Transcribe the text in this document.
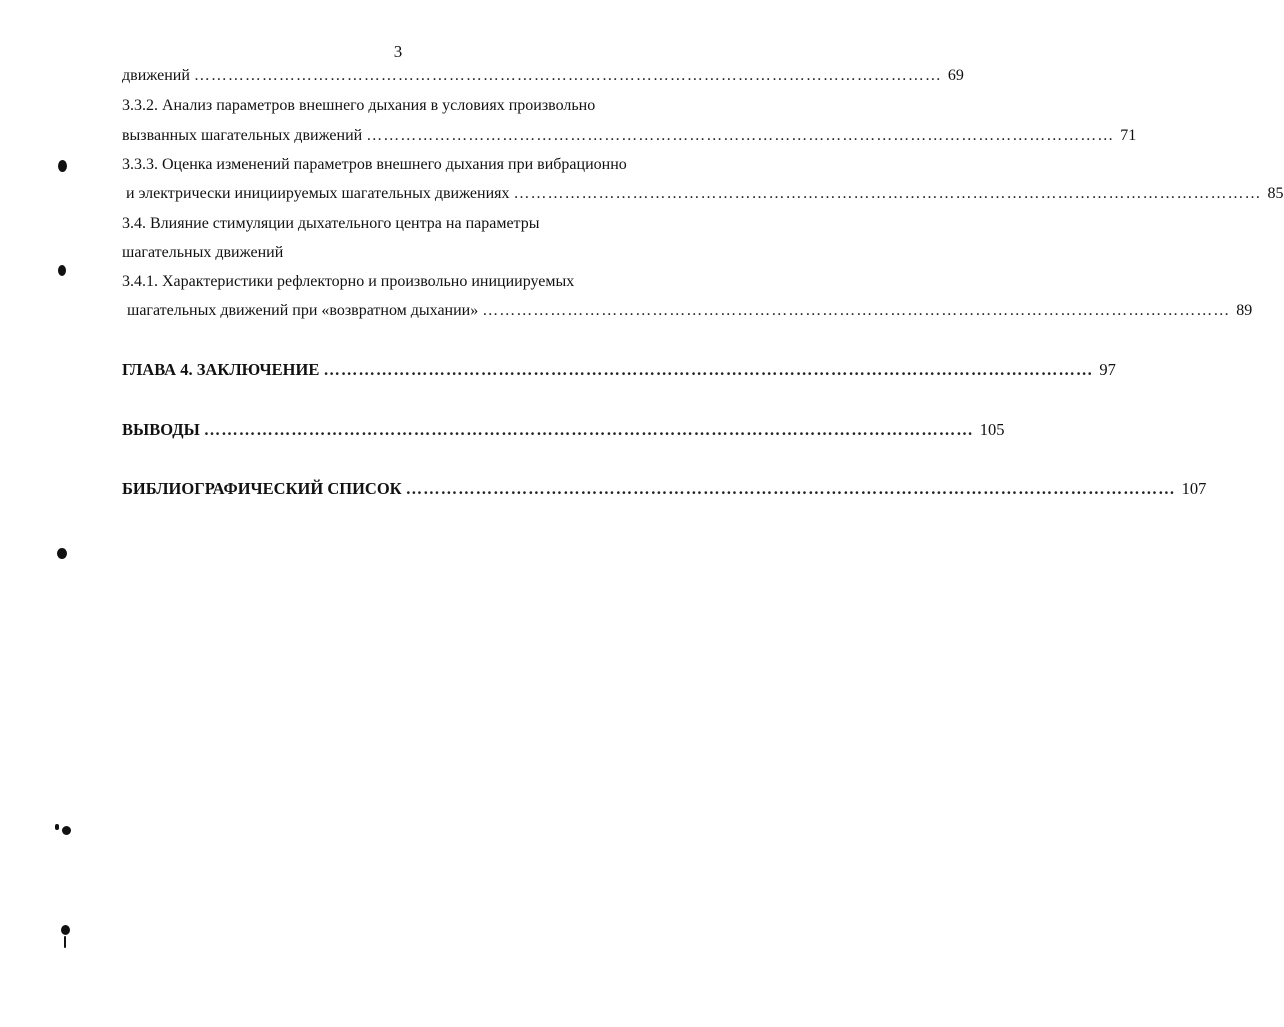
3
движений …………………………………………………………………………………………………………………… 69
3.3.2. Анализ параметров внешнего дыхания в условиях произвольно
вызванных шагательных движений …………………………………………………………………………………………………………………… 71
3.3.3. Оценка изменений параметров внешнего дыхания при вибрационно
и электрически инициируемых шагательных движениях …………………………………………………………………………………………………………………… 85
3.4. Влияние стимуляции дыхательного центра на параметры
шагательных движений
3.4.1. Характеристики рефлекторно и произвольно инициируемых
шагательных движений при «возвратном дыхании» …………………………………………………………………………………………………………………… 89
ГЛАВА 4. ЗАКЛЮЧЕНИЕ …………………………………………………………………………………………………………………… 97
ВЫВОДЫ …………………………………………………………………………………………………………………… 105
БИБЛИОГРАФИЧЕСКИЙ СПИСОК …………………………………………………………………………………………………………………… 107
